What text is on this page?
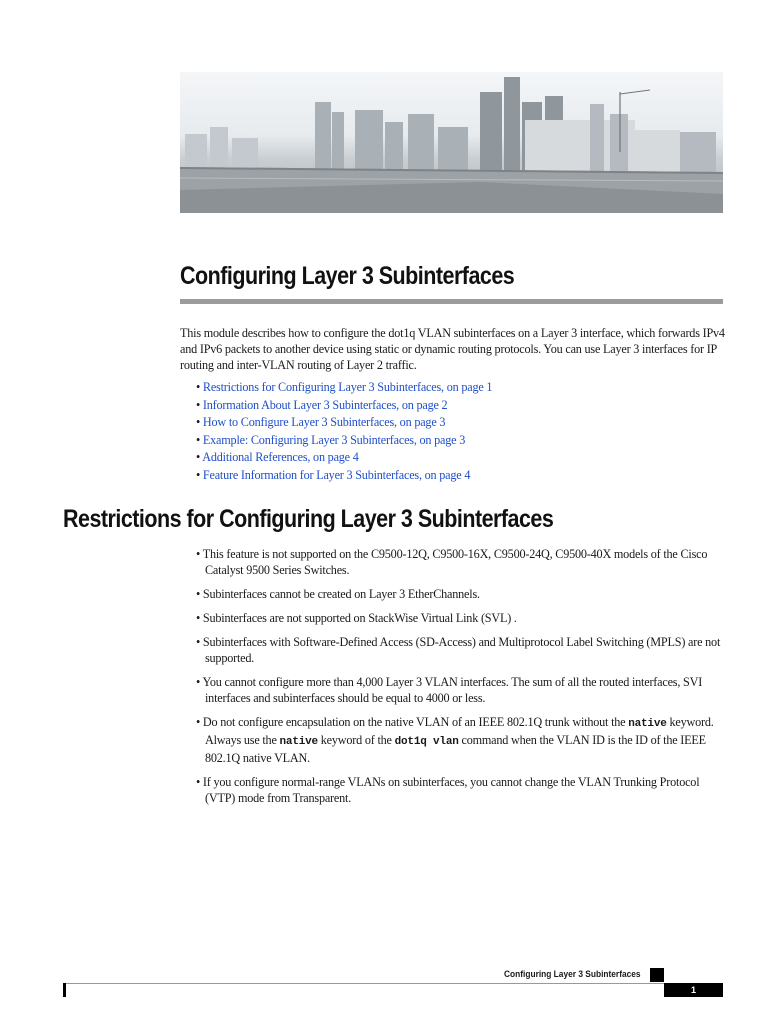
Configuring Layer 3 Subinterfaces

This module describes how to configure the dot1q VLAN subinterfaces on a Layer 3 interface, which forwards IPv4 and IPv6 packets to another device using static or dynamic routing protocols. You can use Layer 3 interfaces for IP routing and inter-VLAN routing of Layer 2 traffic.

• Restrictions for Configuring Layer 3 Subinterfaces, on page 1
• Information About Layer 3 Subinterfaces, on page 2
• How to Configure Layer 3 Subinterfaces, on page 3
• Example: Configuring Layer 3 Subinterfaces, on page 3
• Additional References, on page 4
• Feature Information for Layer 3 Subinterfaces, on page 4
Restrictions for Configuring Layer 3 Subinterfaces
• This feature is not supported on the C9500-12Q, C9500-16X, C9500-24Q, C9500-40X models of the Cisco Catalyst 9500 Series Switches.
• Subinterfaces cannot be created on Layer 3 EtherChannels.
• Subinterfaces are not supported on StackWise Virtual Link (SVL) .
• Subinterfaces with Software-Defined Access (SD-Access) and Multiprotocol Label Switching (MPLS) are not supported.
• You cannot configure more than 4,000 Layer 3 VLAN interfaces. The sum of all the routed interfaces, SVI interfaces and subinterfaces should be equal to 4000 or less.
• Do not configure encapsulation on the native VLAN of an IEEE 802.1Q trunk without the native keyword. Always use the native keyword of the dot1q vlan command when the VLAN ID is the ID of the IEEE 802.1Q native VLAN.
• If you configure normal-range VLANs on subinterfaces, you cannot change the VLAN Trunking Protocol (VTP) mode from Transparent.
Configuring Layer 3 Subinterfaces
1
